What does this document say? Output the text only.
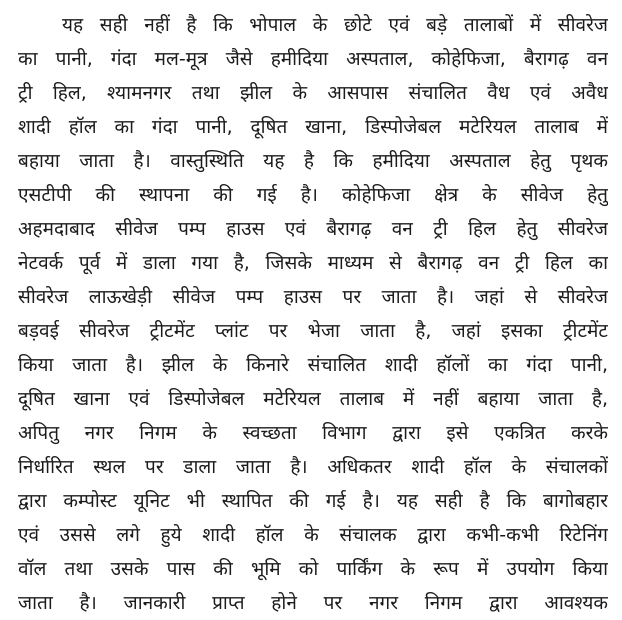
यह सही नहीं है कि भोपाल के छोटे एवं बड़े तालाबों में सीवरेज
का पानी, गंदा मल-मूत्र जैसे हमीदिया अस्पताल, कोहेफिजा, बैरागढ़ वन
ट्री हिल, श्यामनगर तथा झील के आसपास संचालित वैध एवं अवैध
शादी हॉल का गंदा पानी, दूषित खाना, डिस्पोजेबल मटेरियल तालाब में
बहाया जाता है। वास्तुस्थिति यह है कि हमीदिया अस्पताल हेतु पृथक
एसटीपी की स्थापना की गई है। कोहेफिजा क्षेत्र के सीवेज हेतु
अहमदाबाद सीवेज पम्प हाउस एवं बैरागढ़ वन ट्री हिल हेतु सीवरेज
नेटवर्क पूर्व में डाला गया है, जिसके माध्यम से बैरागढ़ वन ट्री हिल का
सीवरेज लाऊखेड़ी सीवेज पम्प हाउस पर जाता है। जहां से सीवरेज
बड़वई सीवरेज ट्रीटमेंट प्लांट पर भेजा जाता है, जहां इसका ट्रीटमेंट
किया जाता है। झील के किनारे संचालित शादी हॉलों का गंदा पानी,
दूषित खाना एवं डिस्पोजेबल मटेरियल तालाब में नहीं बहाया जाता है,
अपितु नगर निगम के स्वच्छता विभाग द्वारा इसे एकत्रित करके
निर्धारित स्थल पर डाला जाता है। अधिकतर शादी हॉल के संचालकों
द्वारा कम्पोस्ट यूनिट भी स्थापित की गई है। यह सही है कि बागोबहार
एवं उससे लगे हुये शादी हॉल के संचालक द्वारा कभी-कभी रिटेनिंग
वॉल तथा उसके पास की भूमि को पार्किंग के रूप में उपयोग किया
जाता है। जानकारी प्राप्त होने पर नगर निगम द्वारा आवश्यक
